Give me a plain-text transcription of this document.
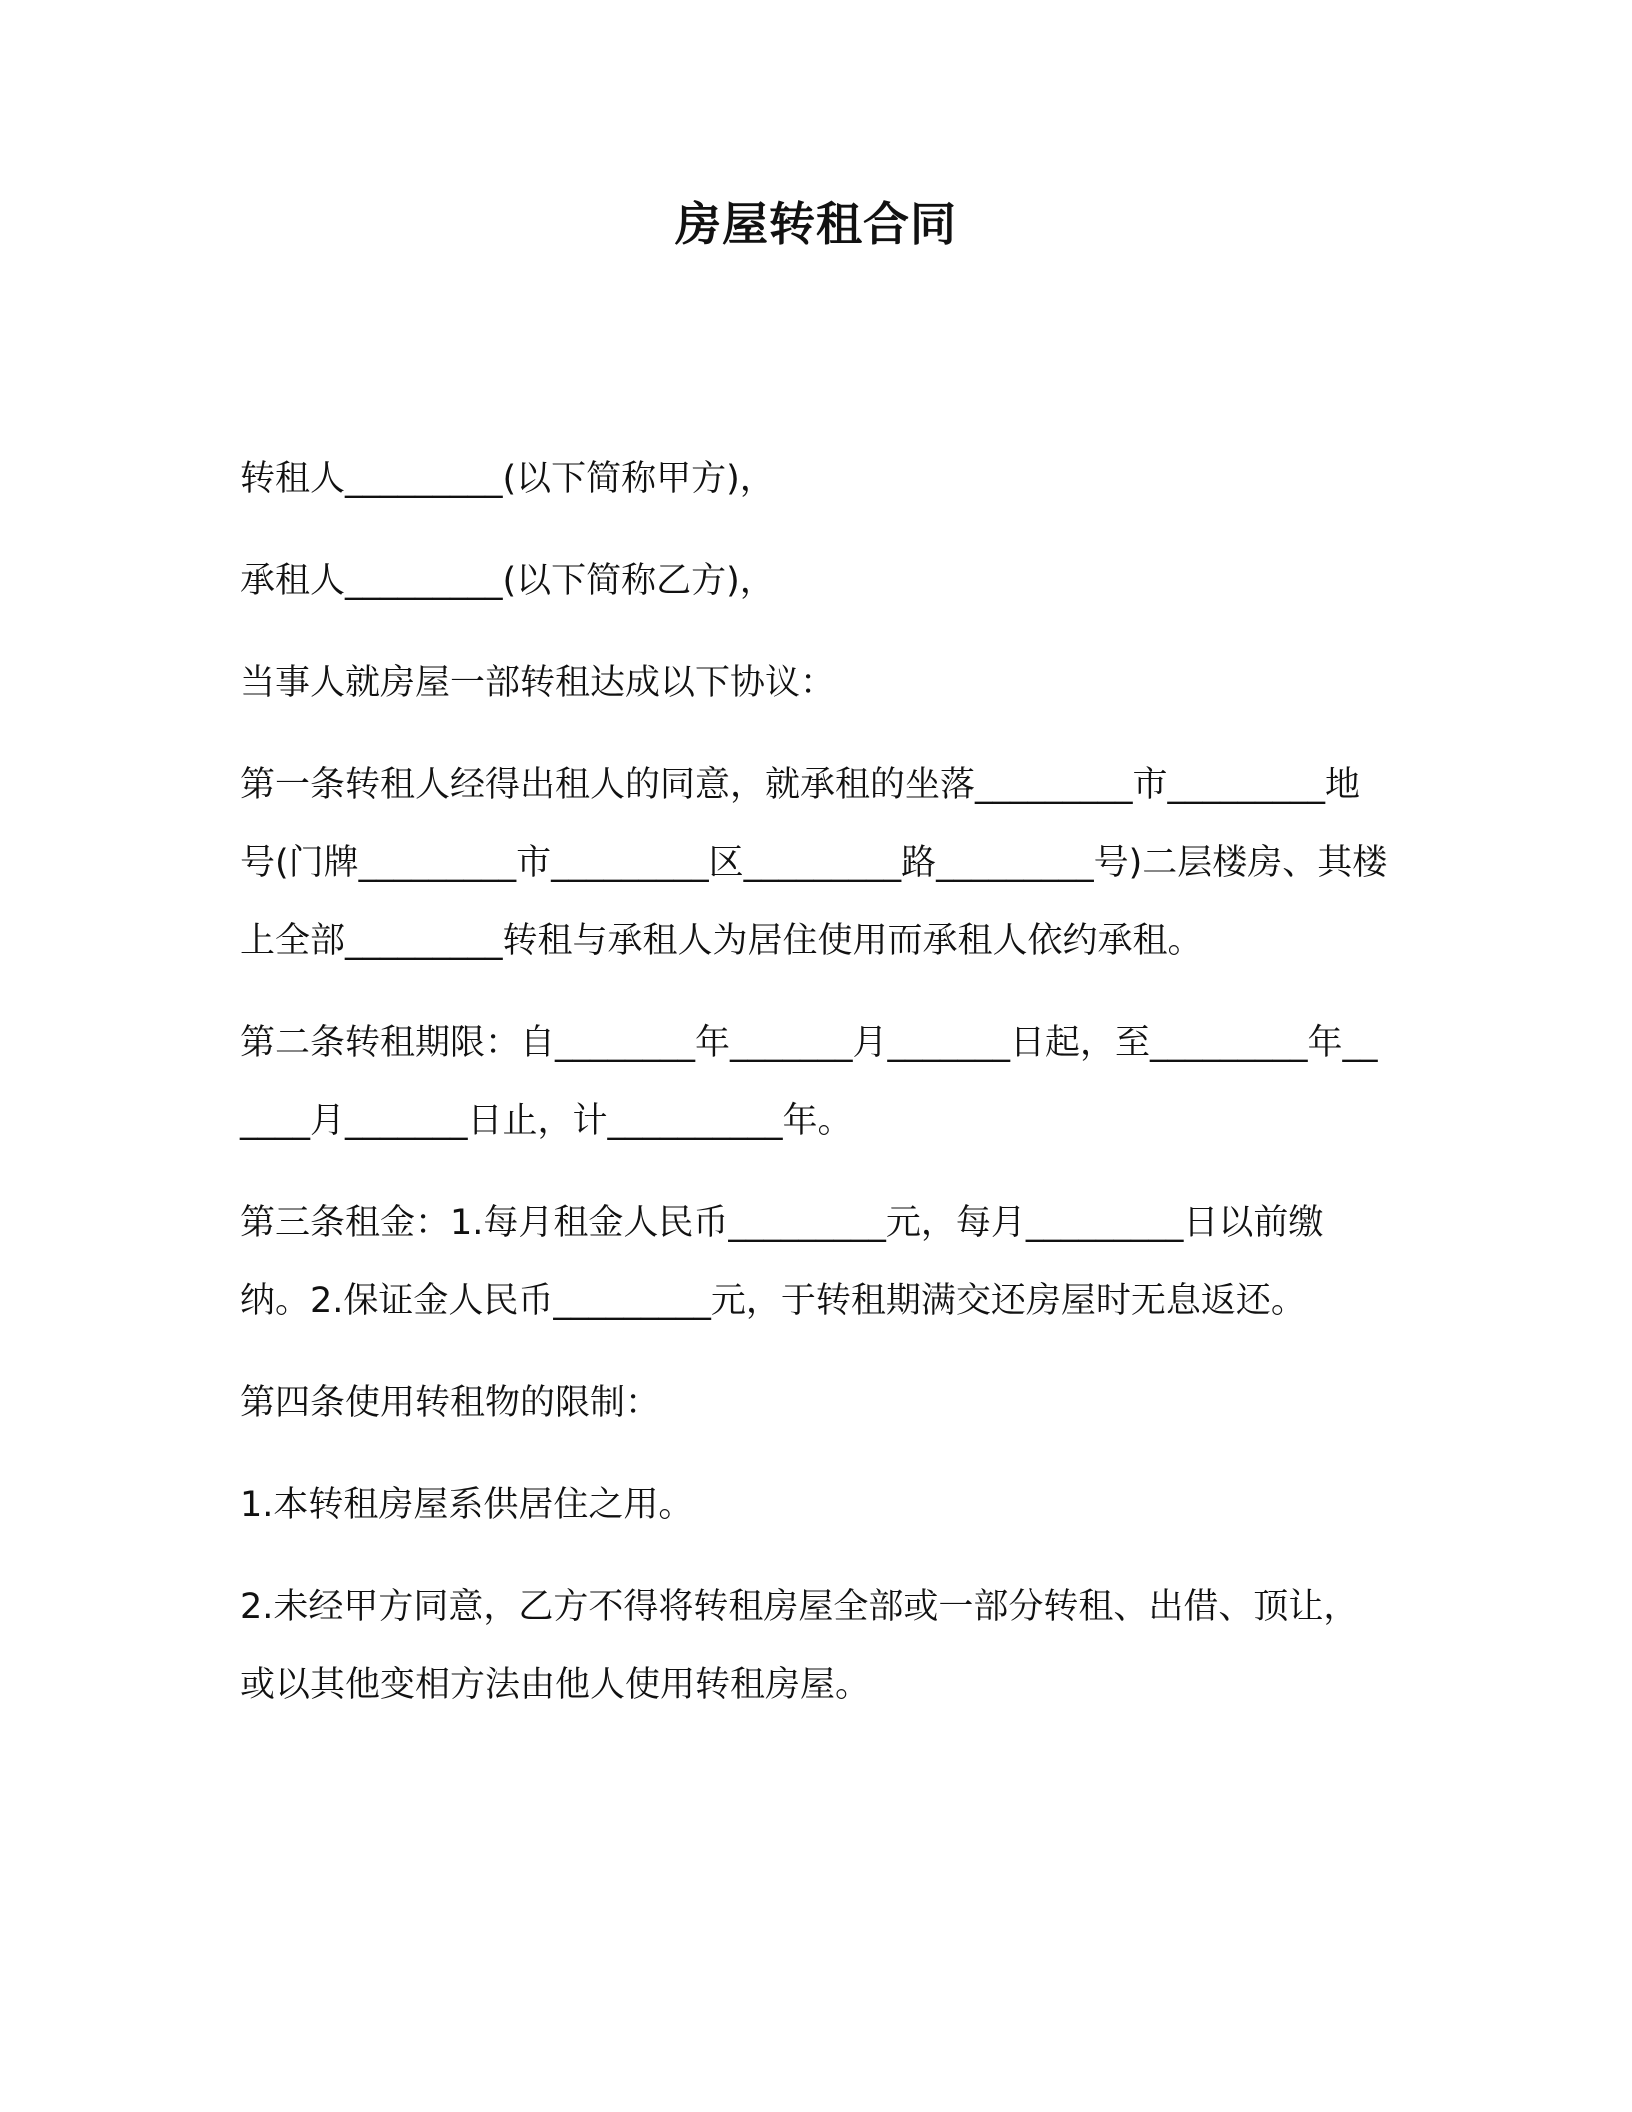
房屋转租合同

转租人_________(以下简称甲方)，

承租人_________(以下简称乙方)，

当事人就房屋一部转租达成以下协议：

第一条转租人经得出租人的同意，就承租的坐落_________市_________地号(门牌_________市_________区_________路_________号)二层楼房、其楼上全部_________转租与承租人为居住使用而承租人依约承租。

第二条转租期限：自________年_______月_______日起，至_________年______月_______日止，计__________年。

第三条租金：1.每月租金人民币_________元，每月_________日以前缴纳。2.保证金人民币_________元，于转租期满交还房屋时无息返还。

第四条使用转租物的限制：

1.本转租房屋系供居住之用。

2.未经甲方同意，乙方不得将转租房屋全部或一部分转租、出借、顶让，或以其他变相方法由他人使用转租房屋。
